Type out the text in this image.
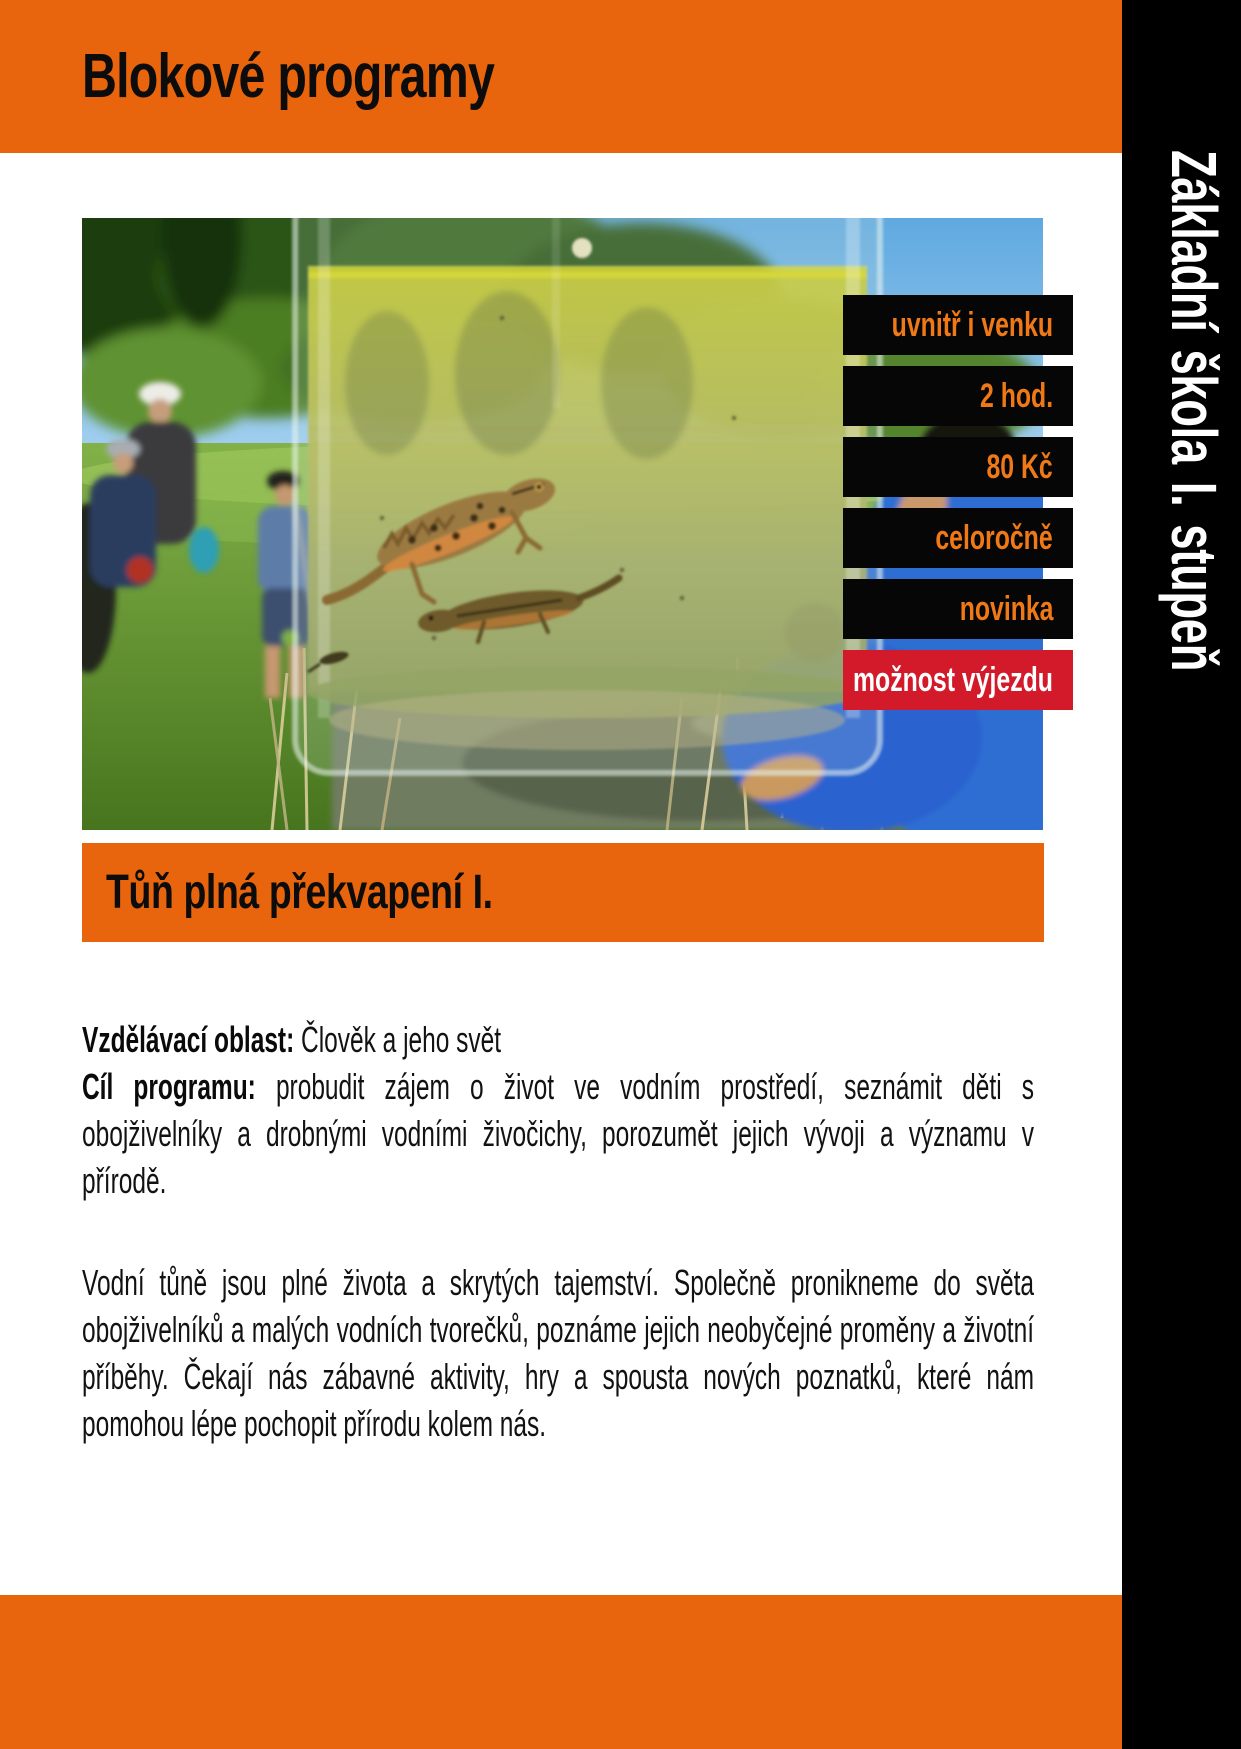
Blokové programy
Základní škola I. stupeň
uvnitř i venku
2 hod.
80 Kč
celoročně
novinka
možnost výjezdu
Tůň plná překvapení I.

Vzdělávací oblast: Člověk a jeho svět
Cíl programu: probudit zájem o život ve vodním prostředí, seznámit děti s obojživelníky a drobnými vodními živočichy, porozumět jejich vývoji a významu v přírodě.

Vodní tůně jsou plné života a skrytých tajemství. Společně pronikneme do světa obojživelníků a malých vodních tvorečků, poznáme jejich neobyčejné proměny a životní příběhy. Čekají nás zábavné aktivity, hry a spousta nových poznatků, které nám pomohou lépe pochopit přírodu kolem nás.
